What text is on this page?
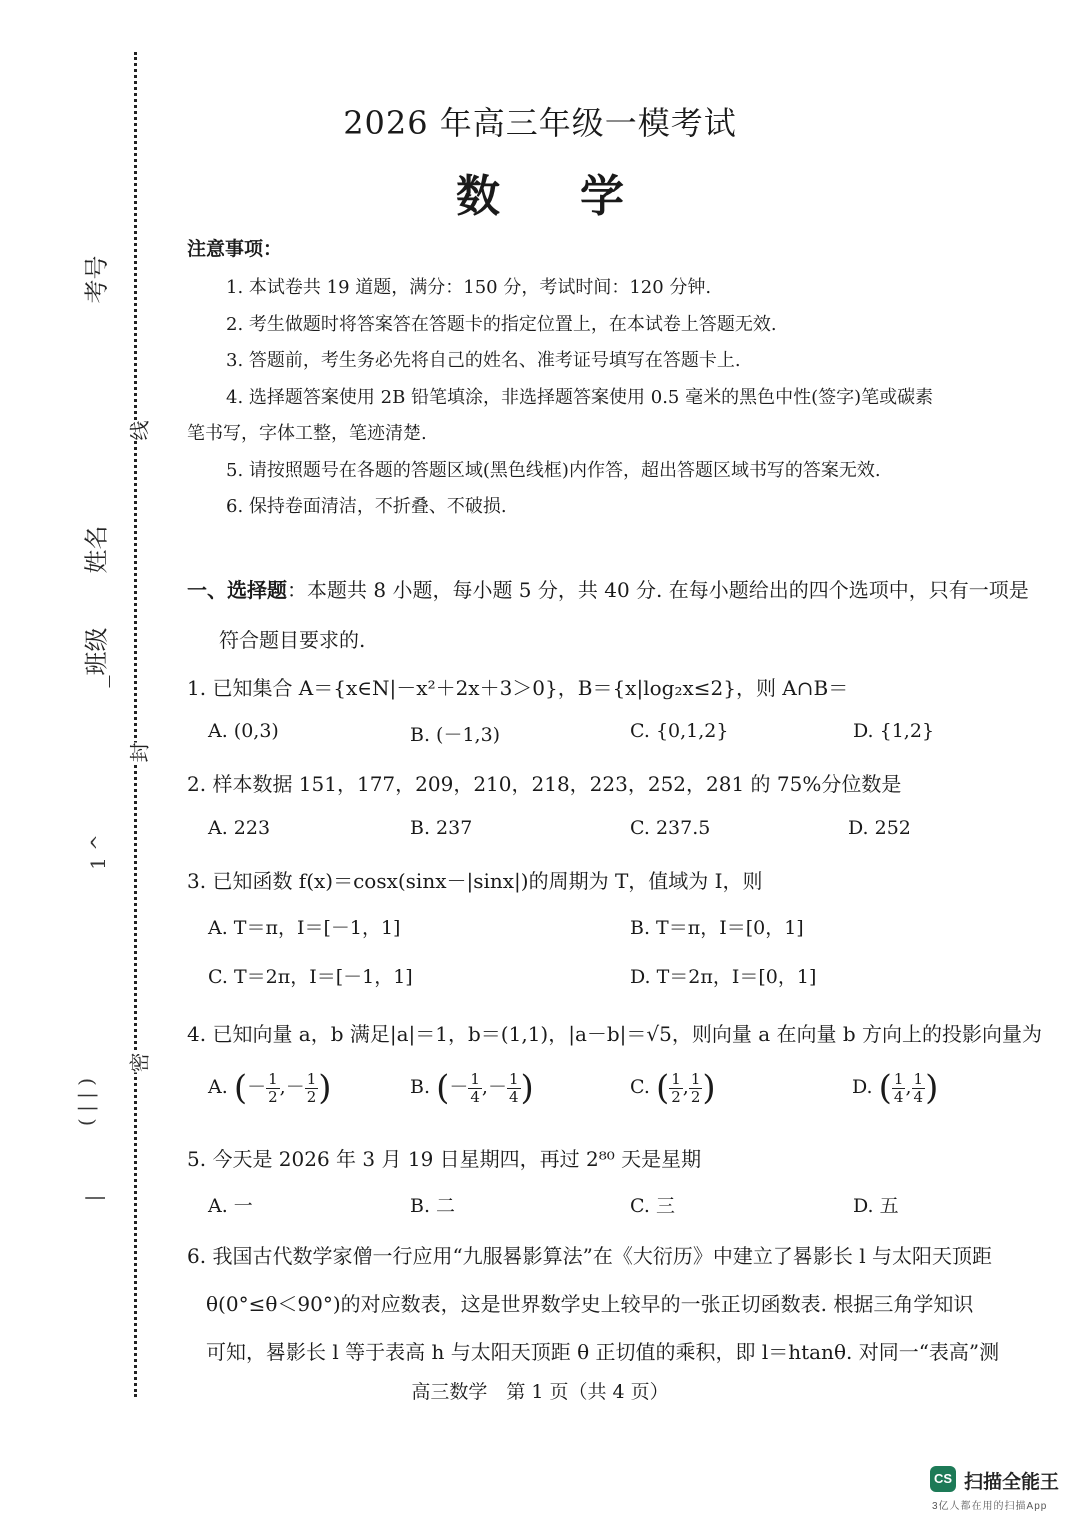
线
封
密
考号
姓名
_班级
1 ^
( | | )
|
2026 年高三年级一模考试
数 学
注意事项：
1. 本试卷共 19 道题，满分：150 分，考试时间：120 分钟.
2. 考生做题时将答案答在答题卡的指定位置上，在本试卷上答题无效.
3. 答题前，考生务必先将自己的姓名、准考证号填写在答题卡上.
4. 选择题答案使用 2B 铅笔填涂，非选择题答案使用 0.5 毫米的黑色中性(签字)笔或碳素
笔书写，字体工整，笔迹清楚.
5. 请按照题号在各题的答题区域(黑色线框)内作答，超出答题区域书写的答案无效.
6. 保持卷面清洁，不折叠、不破损.
一、选择题：本题共 8 小题，每小题 5 分，共 40 分. 在每小题给出的四个选项中，只有一项是
符合题目要求的.
1. 已知集合 A＝{x∈N|－x²＋2x＋3＞0}，B＝{x|log₂x≤2}，则 A∩B＝
A. (0,3)	B. (－1,3)	C. {0,1,2}	D. {1,2}
2. 样本数据 151，177，209，210，218，223，252，281 的 75%分位数是
A. 223	B. 237	C. 237.5	D. 252
3. 已知函数 f(x)＝cosx(sinx－|sinx|)的周期为 T，值域为 I，则
A. T＝π，I＝[－1，1]	B. T＝π，I＝[0，1]
C. T＝2π，I＝[－1，1]	D. T＝2π，I＝[0，1]
4. 已知向量 a，b 满足|a|＝1，b＝(1,1)，|a－b|＝√5，则向量 a 在向量 b 方向上的投影向量为
A. (－ $\frac{1}{2}$ ,－ $\frac{1}{2}$ )	B. (－ $\frac{1}{4}$ ,－ $\frac{1}{4}$ )	C. ( $\frac{1}{2}$ , $\frac{1}{2}$ )	D. ( $\frac{1}{4}$ , $\frac{1}{4}$ )
5. 今天是 2026 年 3 月 19 日星期四，再过 2⁸⁰ 天是星期
A. 一	B. 二	C. 三	D. 五
6. 我国古代数学家僧一行应用“九服晷影算法”在《大衍历》中建立了晷影长 l 与太阳天顶距
θ(0°≤θ＜90°)的对应数表，这是世界数学史上较早的一张正切函数表. 根据三角学知识
可知，晷影长 l 等于表高 h 与太阳天顶距 θ 正切值的乘积，即 l＝htanθ. 对同一“表高”测
高三数学　第 1 页（共 4 页）
CS 扫描全能王
3亿人都在用的扫描App
